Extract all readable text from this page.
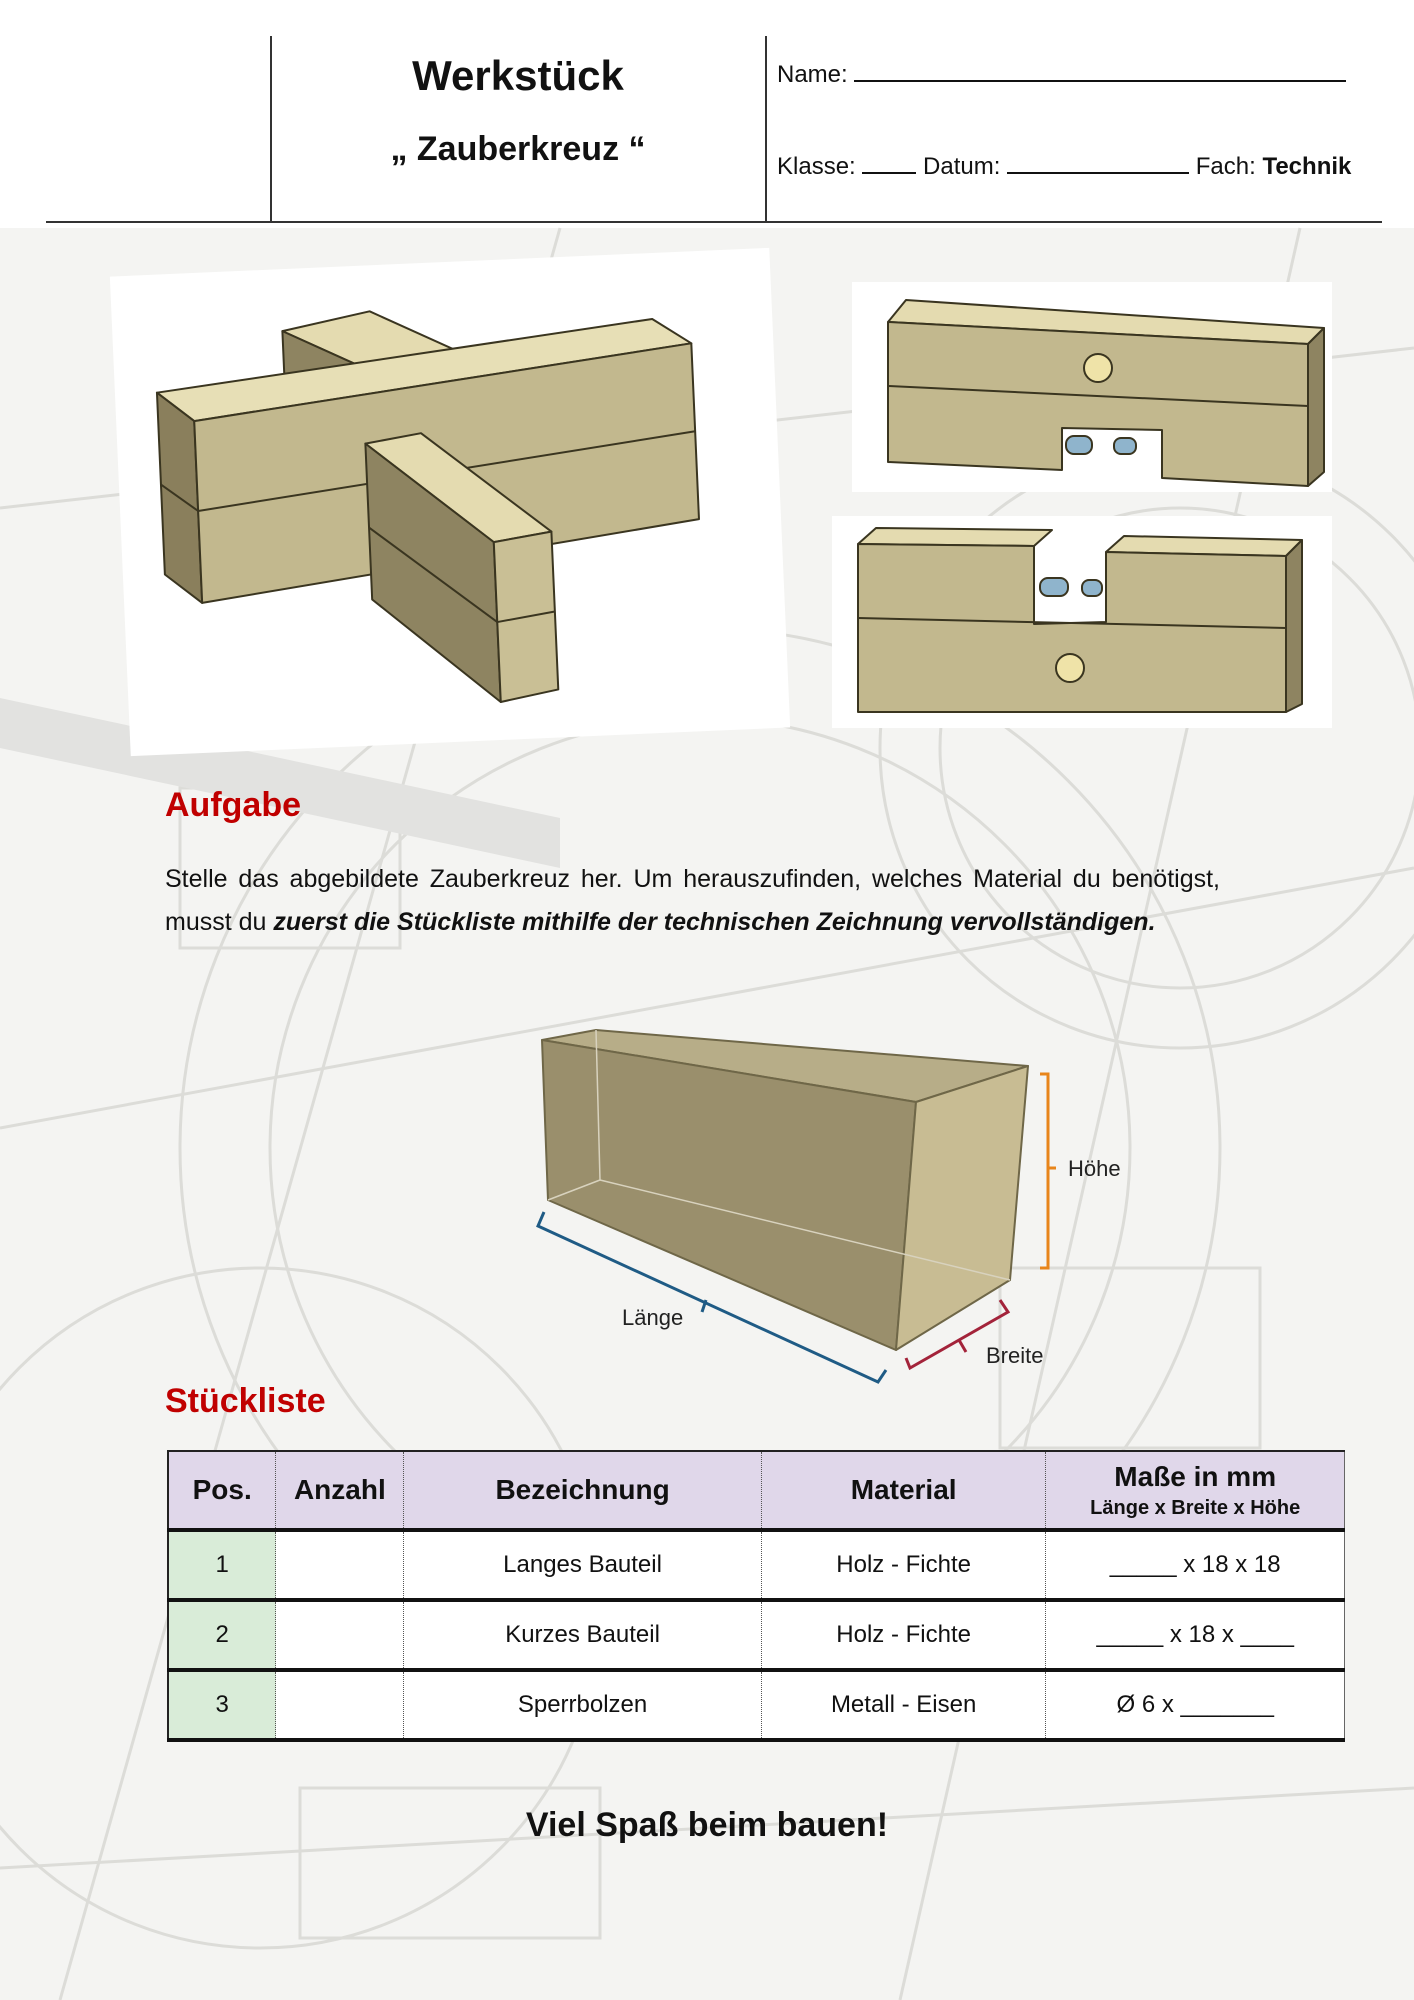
Werkstück
„ Zauberkreuz “
Name:
Klasse:	Datum:	Fach: Technik
Aufgabe
Stelle das abgebildete Zauberkreuz her. Um herauszufinden, welches Material du benötigst, musst du zuerst die Stückliste mithilfe der technischen Zeichnung vervollständigen.
Höhe
Länge
Breite
Stückliste
Pos.	Anzahl	Bezeichnung	Material	Maße in mm
Länge x Breite x Höhe

1		Langes Bauteil	Holz - Fichte	_____ x 18 x 18
2		Kurzes Bauteil	Holz - Fichte	_____ x 18 x ____
3		Sperrbolzen	Metall - Eisen	Ø 6 x _______
Viel Spaß beim bauen!
